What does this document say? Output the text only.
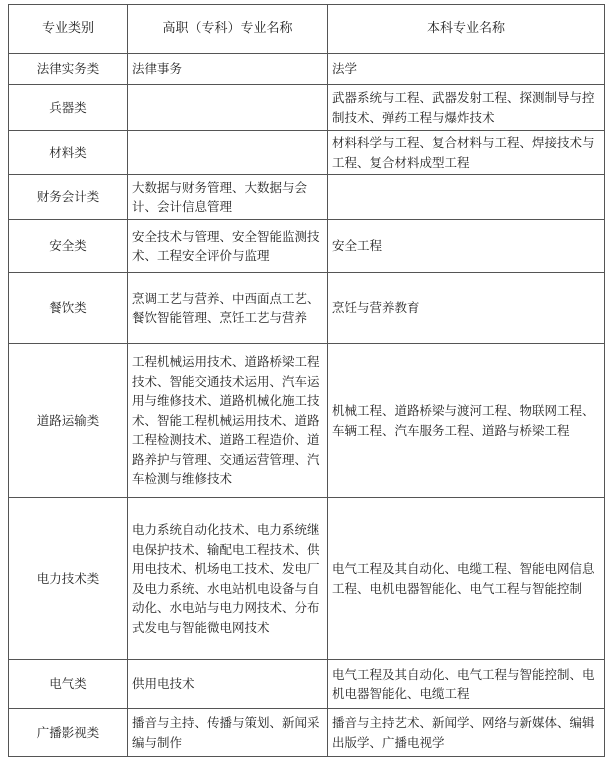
专业类别	高职（专科）专业名称	本科专业名称
法律实务类	法律事务	法学
兵器类		武器系统与工程、武器发射工程、探测制导与控制技术、弹药工程与爆炸技术
材料类		材料科学与工程、复合材料与工程、焊接技术与工程、复合材料成型工程
财务会计类	大数据与财务管理、大数据与会计、会计信息管理	
安全类	安全技术与管理、安全智能监测技术、工程安全评价与监理	安全工程
餐饮类	烹调工艺与营养、中西面点工艺、餐饮智能管理、烹饪工艺与营养	烹饪与营养教育
道路运输类	工程机械运用技术、道路桥梁工程技术、智能交通技术运用、汽车运用与维修技术、道路机械化施工技术、智能工程机械运用技术、道路工程检测技术、道路工程造价、道路养护与管理、交通运营管理、汽车检测与维修技术	机械工程、道路桥梁与渡河工程、物联网工程、车辆工程、汽车服务工程、道路与桥梁工程
电力技术类	电力系统自动化技术、电力系统继电保护技术、输配电工程技术、供用电技术、机场电工技术、发电厂及电力系统、水电站机电设备与自动化、水电站与电力网技术、分布式发电与智能微电网技术	电气工程及其自动化、电缆工程、智能电网信息工程、电机电器智能化、电气工程与智能控制
电气类	供用电技术	电气工程及其自动化、电气工程与智能控制、电机电器智能化、电缆工程
广播影视类	播音与主持、传播与策划、新闻采编与制作	播音与主持艺术、新闻学、网络与新媒体、编辑出版学、广播电视学
